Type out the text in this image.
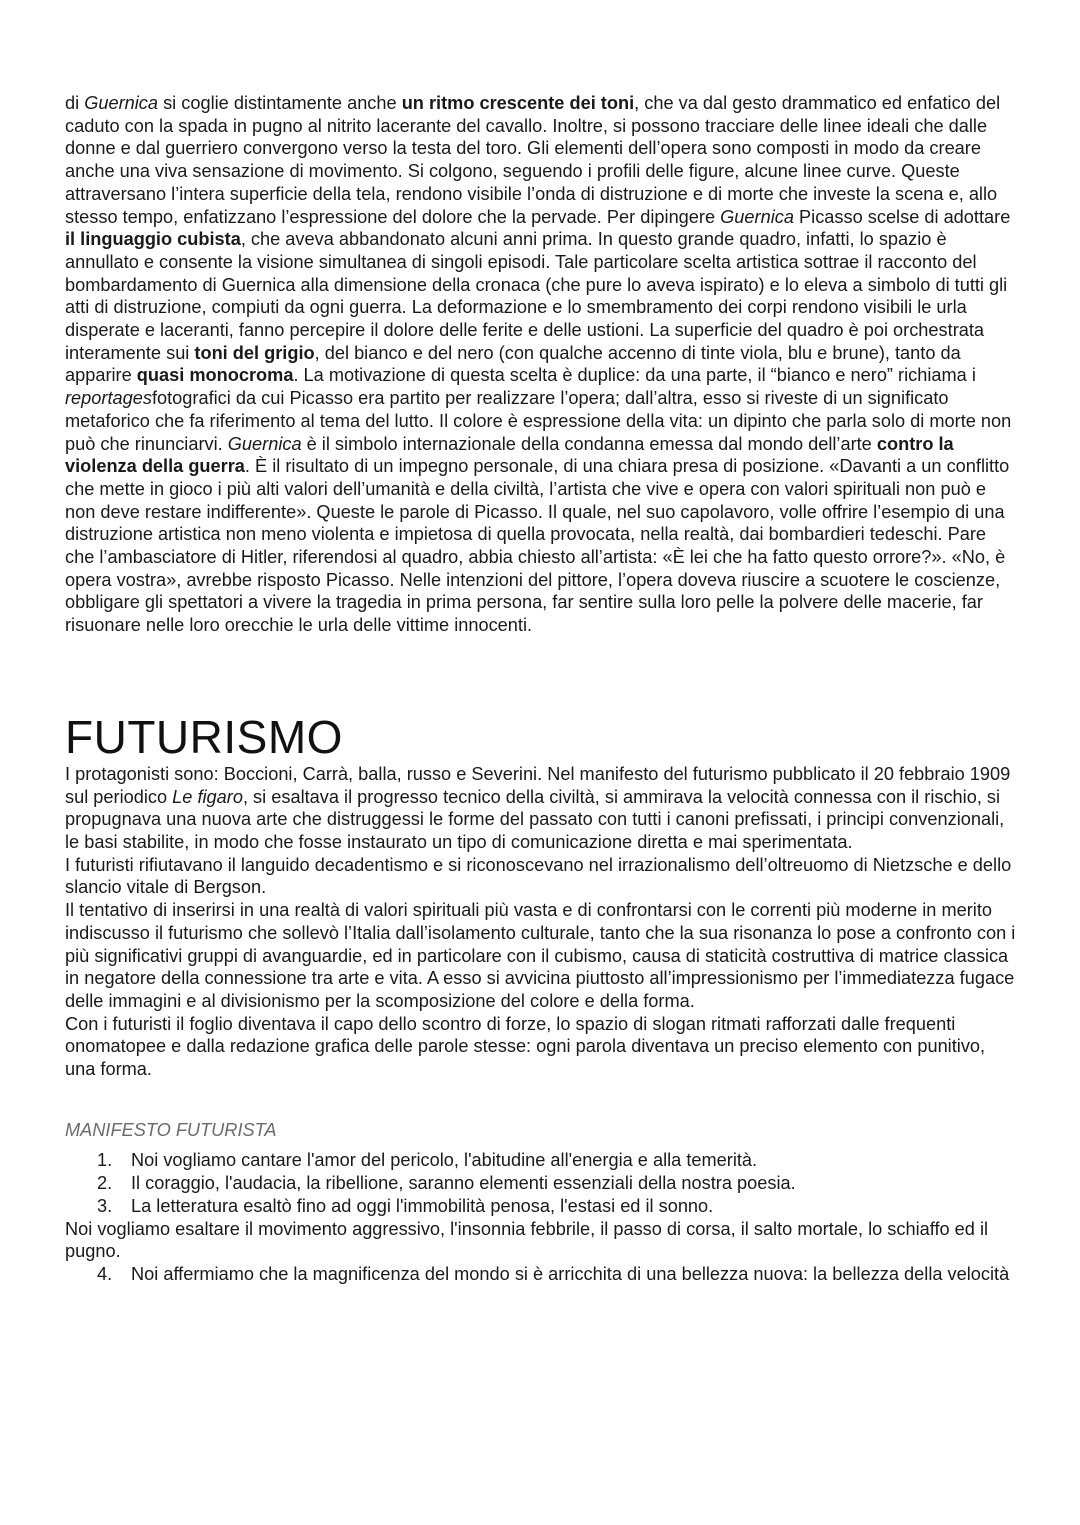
di Guernica si coglie distintamente anche un ritmo crescente dei toni, che va dal gesto drammatico ed enfatico del caduto con la spada in pugno al nitrito lacerante del cavallo. Inoltre, si possono tracciare delle linee ideali che dalle donne e dal guerriero convergono verso la testa del toro. Gli elementi dell’opera sono composti in modo da creare anche una viva sensazione di movimento. Si colgono, seguendo i profili delle figure, alcune linee curve. Queste attraversano l’intera superficie della tela, rendono visibile l’onda di distruzione e di morte che investe la scena e, allo stesso tempo, enfatizzano l’espressione del dolore che la pervade. Per dipingere Guernica Picasso scelse di adottare il linguaggio cubista, che aveva abbandonato alcuni anni prima. In questo grande quadro, infatti, lo spazio è annullato e consente la visione simultanea di singoli episodi. Tale particolare scelta artistica sottrae il racconto del bombardamento di Guernica alla dimensione della cronaca (che pure lo aveva ispirato) e lo eleva a simbolo di tutti gli atti di distruzione, compiuti da ogni guerra. La deformazione e lo smembramento dei corpi rendono visibili le urla disperate e laceranti, fanno percepire il dolore delle ferite e delle ustioni. La superficie del quadro è poi orchestrata interamente sui toni del grigio, del bianco e del nero (con qualche accenno di tinte viola, blu e brune), tanto da apparire quasi monocroma. La motivazione di questa scelta è duplice: da una parte, il “bianco e nero” richiama i reportagesfotografici da cui Picasso era partito per realizzare l’opera; dall’altra, esso si riveste di un significato metaforico che fa riferimento al tema del lutto. Il colore è espressione della vita: un dipinto che parla solo di morte non può che rinunciarvi. Guernica è il simbolo internazionale della condanna emessa dal mondo dell’arte contro la violenza della guerra. È il risultato di un impegno personale, di una chiara presa di posizione. «Davanti a un conflitto che mette in gioco i più alti valori dell’umanità e della civiltà, l’artista che vive e opera con valori spirituali non può e non deve restare indifferente». Queste le parole di Picasso. Il quale, nel suo capolavoro, volle offrire l’esempio di una distruzione artistica non meno violenta e impietosa di quella provocata, nella realtà, dai bombardieri tedeschi. Pare che l’ambasciatore di Hitler, riferendosi al quadro, abbia chiesto all’artista: «È lei che ha fatto questo orrore?». «No, è opera vostra», avrebbe risposto Picasso. Nelle intenzioni del pittore, l’opera doveva riuscire a scuotere le coscienze, obbligare gli spettatori a vivere la tragedia in prima persona, far sentire sulla loro pelle la polvere delle macerie, far risuonare nelle loro orecchie le urla delle vittime innocenti.

FUTURISMO

I protagonisti sono: Boccioni, Carrà, balla, russo e Severini. Nel manifesto del futurismo pubblicato il 20 febbraio 1909 sul periodico Le figaro, si esaltava il progresso tecnico della civiltà, si ammirava la velocità connessa con il rischio, si propugnava una nuova arte che distruggessi le forme del passato con tutti i canoni prefissati, i principi convenzionali, le basi stabilite, in modo che fosse instaurato un tipo di comunicazione diretta e mai sperimentata.

I futuristi rifiutavano il languido decadentismo e si riconoscevano nel irrazionalismo dell’oltreuomo di Nietzsche e dello slancio vitale di Bergson.

Il tentativo di inserirsi in una realtà di valori spirituali più vasta e di confrontarsi con le correnti più moderne in merito indiscusso il futurismo che sollevò l’Italia dall’isolamento culturale, tanto che la sua risonanza lo pose a confronto con i più significativi gruppi di avanguardie, ed in particolare con il cubismo, causa di staticità costruttiva di matrice classica in negatore della connessione tra arte e vita. A esso si avvicina piuttosto all’impressionismo per l’immediatezza fugace delle immagini e al divisionismo per la scomposizione del colore e della forma.

Con i futuristi il foglio diventava il capo dello scontro di forze, lo spazio di slogan ritmati rafforzati dalle frequenti onomatopee e dalla redazione grafica delle parole stesse: ogni parola diventava un preciso elemento con punitivo, una forma.

MANIFESTO FUTURISTA
1. Noi vogliamo cantare l'amor del pericolo, l'abitudine all'energia e alla temerità.
2. Il coraggio, l'audacia, la ribellione, saranno elementi essenziali della nostra poesia.
3. La letteratura esaltò fino ad oggi l'immobilità penosa, l'estasi ed il sonno.

Noi vogliamo esaltare il movimento aggressivo, l'insonnia febbrile, il passo di corsa, il salto mortale, lo schiaffo ed il pugno.

4. Noi affermiamo che la magnificenza del mondo si è arricchita di una bellezza nuova: la bellezza della velocità
